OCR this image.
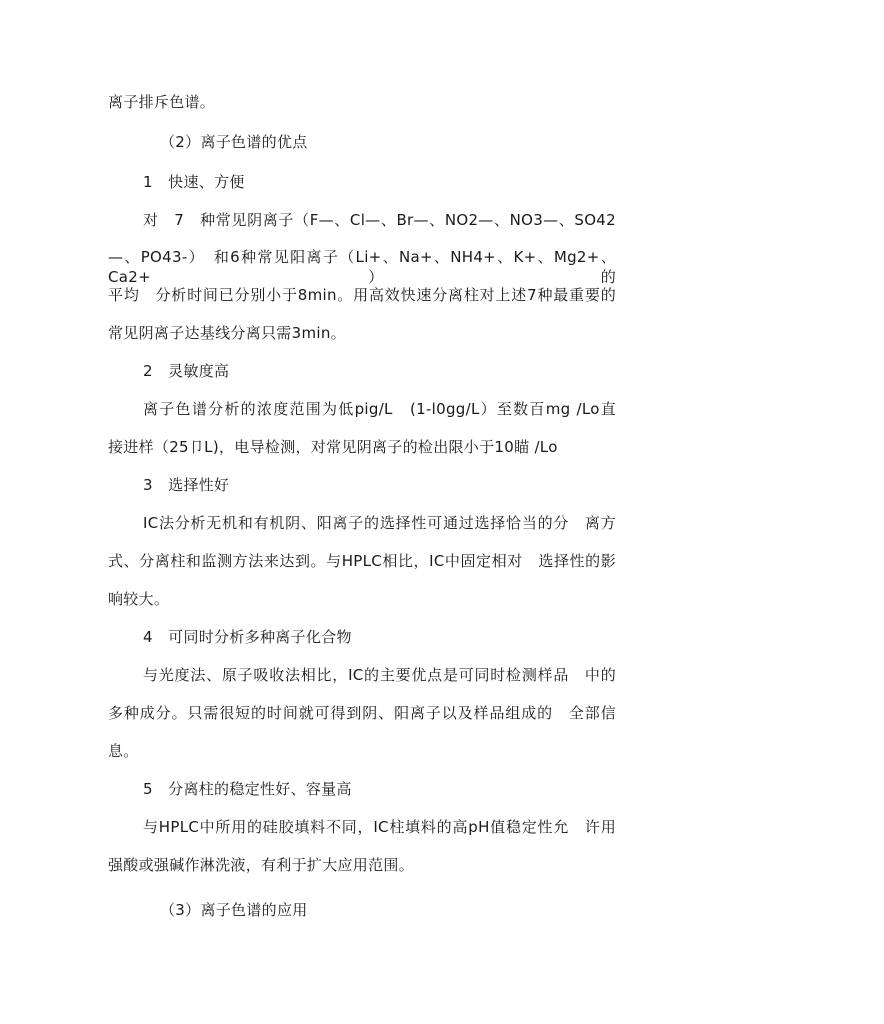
离子排斥色谱。
（2）离子色谱的优点
1　快速、方便
对　7　种常见阴离子（F—、Cl—、Br—、NO2—、NO3—、SO42
—、PO43-）　和6种常见阳离子（Li+、Na+、NH4+、K+、Mg2+、Ca2+）的
平均　分析时间已分别小于8min。用高效快速分离柱对上述7种最重要的
常见阴离子达基线分离只需3min。
2　灵敏度高
离子色谱分析的浓度范围为低pig/L　(1-l0gg/L）至数百mg /Lo直
接进样（25卩L)，电导检测，对常见阴离子的检出限小于10瞄 /Lo
3　选择性好
IC法分析无机和有机阴、阳离子的选择性可通过选择恰当的分　离方
式、分离柱和监测方法来达到。与HPLC相比，IC中固定相对　选择性的影
响较大。
4　可同时分析多种离子化合物
与光度法、原子吸收法相比，IC的主要优点是可同时检测样品　中的
多种成分。只需很短的时间就可得到阴、阳离子以及样品组成的　全部信
息。
5　分离柱的稳定性好、容量高
与HPLC中所用的硅胶填料不同，IC柱填料的高pH值稳定性允　许用
强酸或强碱作淋洗液，有利于扩大应用范围。
（3）离子色谱的应用
